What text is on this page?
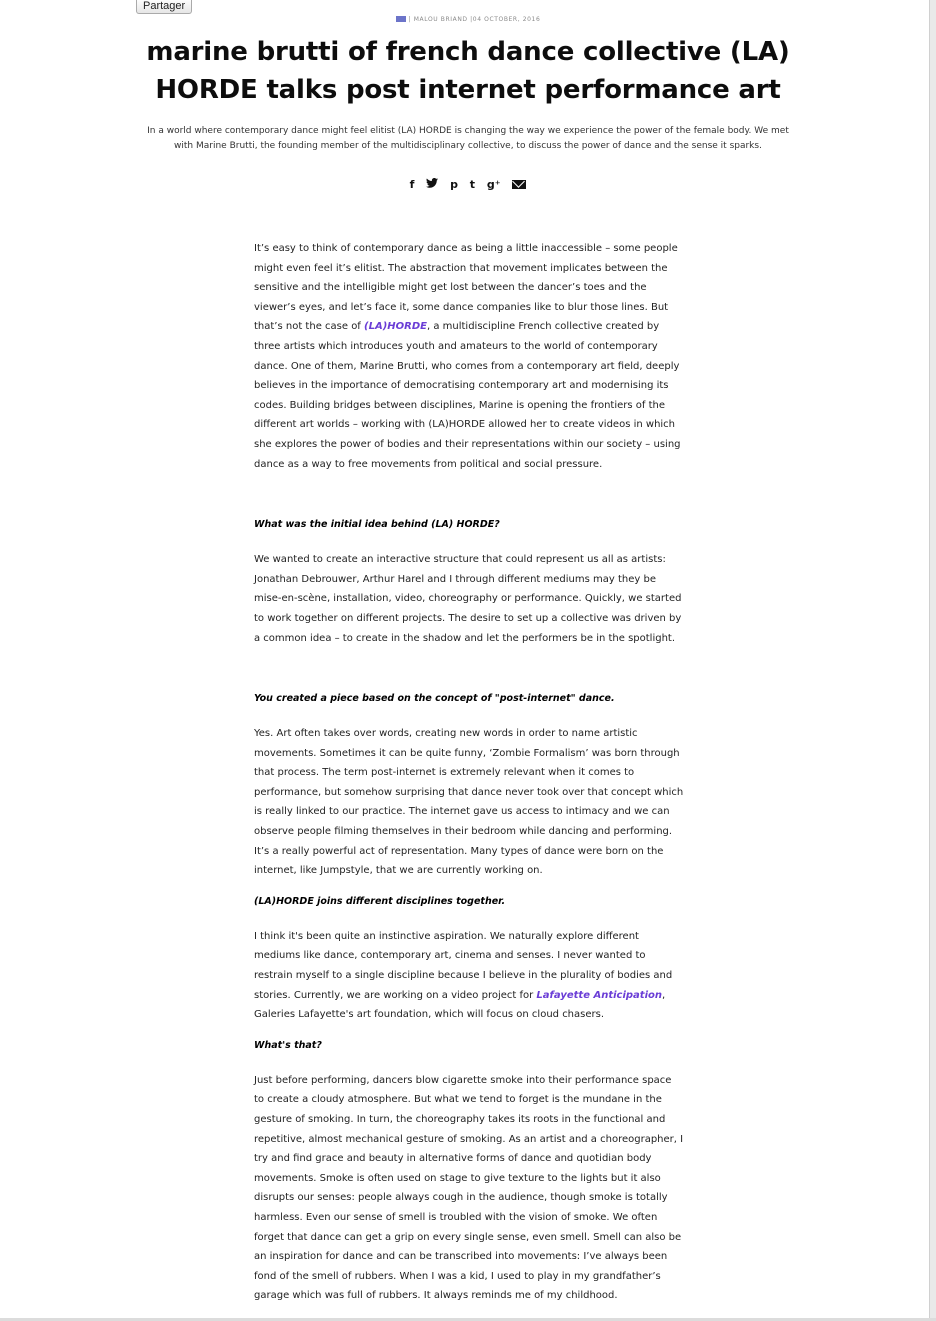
Partager
| MALOU BRIAND |04 OCTOBER, 2016
marine brutti of french dance collective (LA) HORDE talks post internet performance art

In a world where contemporary dance might feel elitist (LA) HORDE is changing the way we experience the power of the female body. We met with Marine Brutti, the founding member of the multidisciplinary collective, to discuss the power of dance and the sense it sparks.

f	p t g⁺

It’s easy to think of contemporary dance as being a little inaccessible – some people might even feel it’s elitist. The abstraction that movement implicates between the sensitive and the intelligible might get lost between the dancer’s toes and the viewer’s eyes, and let’s face it, some dance companies like to blur those lines. But that’s not the case of (LA)HORDE, a multidiscipline French collective created by three artists which introduces youth and amateurs to the world of contemporary dance. One of them, Marine Brutti, who comes from a contemporary art field, deeply believes in the importance of democratising contemporary art and modernising its codes. Building bridges between disciplines, Marine is opening the frontiers of the different art worlds – working with (LA)HORDE allowed her to create videos in which she explores the power of bodies and their representations within our society – using dance as a way to free movements from political and social pressure.

What was the initial idea behind (LA) HORDE?

We wanted to create an interactive structure that could represent us all as artists: Jonathan Debrouwer, Arthur Harel and I through different mediums may they be mise-en-scène, installation, video, choreography or performance. Quickly, we started to work together on different projects. The desire to set up a collective was driven by a common idea – to create in the shadow and let the performers be in the spotlight.

You created a piece based on the concept of "post-internet" dance.

Yes. Art often takes over words, creating new words in order to name artistic movements. Sometimes it can be quite funny, ‘Zombie Formalism’ was born through that process. The term post-internet is extremely relevant when it comes to performance, but somehow surprising that dance never took over that concept which is really linked to our practice. The internet gave us access to intimacy and we can observe people filming themselves in their bedroom while dancing and performing. It’s a really powerful act of representation. Many types of dance were born on the internet, like Jumpstyle, that we are currently working on.

(LA)HORDE joins different disciplines together.

I think it's been quite an instinctive aspiration. We naturally explore different mediums like dance, contemporary art, cinema and senses. I never wanted to restrain myself to a single discipline because I believe in the plurality of bodies and stories. Currently, we are working on a video project for Lafayette Anticipation, Galeries Lafayette's art foundation, which will focus on cloud chasers.

What's that?

Just before performing, dancers blow cigarette smoke into their performance space to create a cloudy atmosphere. But what we tend to forget is the mundane in the gesture of smoking. In turn, the choreography takes its roots in the functional and repetitive, almost mechanical gesture of smoking. As an artist and a choreographer, I try and find grace and beauty in alternative forms of dance and quotidian body movements. Smoke is often used on stage to give texture to the lights but it also disrupts our senses: people always cough in the audience, though smoke is totally harmless. Even our sense of smell is troubled with the vision of smoke. We often forget that dance can get a grip on every single sense, even smell. Smell can also be an inspiration for dance and can be transcribed into movements: I’ve always been fond of the smell of rubbers. When I was a kid, I used to play in my grandfather’s garage which was full of rubbers. It always reminds me of my childhood.
